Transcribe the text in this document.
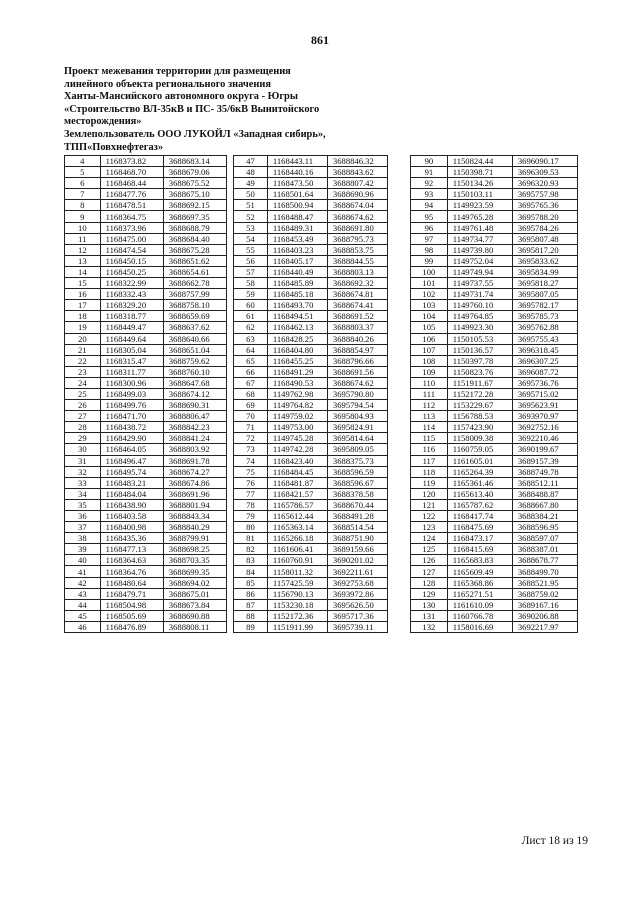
861
Проект межевания территории для размещения
линейного объекта регионального значения
Ханты-Мансийского автономного округа - Югры
«Строительство ВЛ-35кВ и ПС- 35/6кВ Вынитойского
месторождения»
Землепользователь ООО ЛУКОЙЛ «Западная сибирь»,
ТПП«Повхнефтегаз»
4	1168373.82	3688683.14
5	1168468.70	3688679.06
6	1168468.44	3688675.52
7	1168477.76	3688675.10
8	1168478.51	3688692.15
9	1168364.75	3688697.35
10	1168373.96	3688688.79
11	1168475.00	3688684.40
12	1168474.54	3688675.28
13	1168450.15	3688651.62
14	1168450.25	3688654.61
15	1168322.99	3688662.78
16	1168332.43	3688757.99
17	1168329.20	3688758.10
18	1168318.77	3688659.69
19	1168449.47	3688637.62
20	1168449.64	3688640.66
21	1168305.04	3688651.04
22	1168315.47	3688759.62
23	1168311.77	3688760.10
24	1168300.96	3688647.68
25	1168499.03	3688674.12
26	1168499.76	3688690.31
27	1168471.70	3688806.47
28	1168438.72	3688842.23
29	1168429.90	3688841.24
30	1168464.05	3688803.92
31	1168496.47	3688691.78
32	1168495.74	3688674.27
33	1168483.21	3688674.86
34	1168484.04	3688691.96
35	1168438.90	3688801.94
36	1168403.58	3688843.34
37	1168400.98	3688840.29
38	1168435.36	3688799.91
39	1168477.13	3688698.25
40	1168364.63	3688703.35
41	1168364.76	3688699.35
42	1168480.64	3688694.02
43	1168479.71	3688675.01
44	1168504.98	3688673.84
45	1168505.69	3688690.88
46	1168476.89	3688808.11
47	1168443.11	3688846.32
48	1168440.16	3688843.62
49	1168473.50	3688807.42
50	1168501.64	3688690.96
51	1168500.94	3688674.04
52	1168488.47	3688674.62
53	1168489.31	3688691.80
54	1168453.49	3688795.73
55	1168403.23	3688853.75
56	1168405.17	3688844.55
57	1168440.49	3688803.13
58	1168485.89	3688692.32
59	1168485.18	3688674.81
60	1168493.70	3688674.41
61	1168494.51	3688691.52
62	1168462.13	3688803.37
63	1168428.25	3688840.26
64	1168404.80	3688854.97
65	1168455.25	3688796.66
66	1168491.29	3688691.56
67	1168490.53	3688674.62
68	1149762.98	3695790.80
69	1149764.82	3695794.54
70	1149759.02	3695804.93
71	1149753.00	3695824.91
72	1149745.28	3695814.64
73	1149742.28	3695809.05
74	1168423.40	3688375.73
75	1168484.45	3688596.59
76	1168481.87	3688596.67
77	1168421.57	3688378.58
78	1165786.57	3688670.44
79	1165612.44	3688491.28
80	1165363.14	3688514.54
81	1165266.18	3688751.90
82	1161606.41	3689159.66
83	1160760.91	3690201.02
84	1158011.32	3692211.61
85	1157425.59	3692753.68
86	1156790.13	3693972.86
87	1153230.18	3695626.50
88	1152172.36	3695717.36
89	1151911.99	3695739.11
90	1150824.44	3696090.17
91	1150398.71	3696309.53
92	1150134.26	3696320.93
93	1150103.11	3695757.98
94	1149923.59	3695765.36
95	1149765.28	3695788.20
96	1149761.48	3695784.26
97	1149734.77	3695807.48
98	1149739.80	3695817.20
99	1149752.04	3695833.62
100	1149749.94	3695834.99
101	1149737.55	3695818.27
102	1149731.74	3695807.05
103	1149760.10	3695782.17
104	1149764.85	3695785.73
105	1149923.30	3695762.88
106	1150105.53	3695755.43
107	1150136.57	3696318.45
108	1150397.78	3696307.25
109	1150823.76	3696087.72
110	1151911.67	3695736.76
111	1152172.28	3695715.02
112	1153229.67	3695623.91
113	1156788.53	3693970.97
114	1157423.90	3692752.16
115	1158009.38	3692210.46
116	1160759.05	3690199.67
117	1161605.01	3689157.39
118	1165264.39	3688749.78
119	1165361.46	3688512.11
120	1165613.40	3688488.87
121	1165787.62	3688667.80
122	1168417.74	3688384.21
123	1168475.69	3688596.95
124	1168473.17	3688597.07
125	1168415.69	3688387.01
126	1165683.83	3688678.77
127	1165609.49	3688499.70
128	1165368.86	3688521.95
129	1165271.51	3688759.02
130	1161610.09	3689167.16
131	1160766.78	3690206.88
132	1158016.69	3692217.97
Лист 18 из 19
